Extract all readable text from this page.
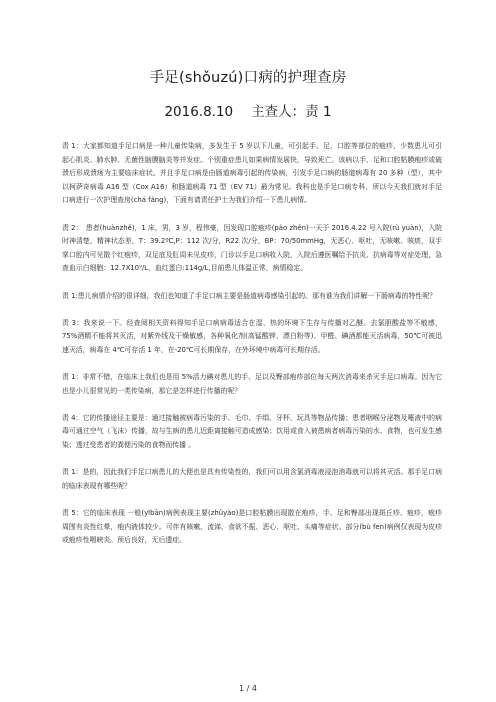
手足(shǒuzú)口病的护理查房
2016.8.10 主查人：责 1

责 1：大家都知道手足口病是一种儿童传染病，多发生于 5 岁以下儿童，可引起手、足、口腔等部位的疱疹，少数患儿可引起心肌炎、肺水肿、无菌性脑膜脑炎等并发症。个别重症患儿如果病情发展快，导致死亡。该病以手、足和口腔粘膜疱疹或破溃后形成溃疡为主要临床症状。并且手足口病是由肠道病毒引起的传染病，引发手足口病的肠道病毒有 20 多种（型），其中以柯萨奇病毒 A16 型（Cox A16）和肠道病毒 71 型（EV 71）最为常见。我科也是手足口病专科，所以今天我们就对手足口病进行一次护理查房(chá fáng)，下面有请责任护士为我们介绍一下患儿病情。

责 2：　患者(huànzhě)，1 床，男，3 岁，程伟豪，因发现口腔疱疹(pào zhěn)一天于 2016.4.22 号入院(rù yuàn)，入院时神清楚，精神状态差，T：39.2ºC,P：112 次/分，R22 次/分，BP：70/50mmHg，无恶心、呕吐，无咳嗽、咳痰，双手掌口腔内可见散个红疱疹，双足底及肛周未见皮疹，门诊以手足口病收入院，入院后遵医嘱给予抗炎、抗病毒等对症处理，急查血示白细胞：12.7X10⁹/L，血红蛋白:114g/L,目前患儿体温正常，病情稳定。

责 1:患儿病情介绍的很详细，我们也知道了手足口病主要是肠道病毒感染引起的。那有谁为我们讲解一下肠病毒的特性呢？

责 3：我来说一下。经查阅相关资料得知手足口病病毒适合在湿、热的环境下生存与传播对乙醚、去氯胆酸盐等不敏感，75%酒精不能将其灭活，对紫外线及干燥敏感，各种氧化剂(高锰酸钾、漂白粉等)、甲醛、碘酒都能灭活病毒，50℃可被迅速灭活，病毒在 4℃可存活 1 年，在-20℃可长期保存，在外环境中病毒可长期存活。

责 1：非常不错，在临床上我们也是用 5%活力碘对患儿的手、足以及臀部疱疹部位每天两次消毒来杀灭手足口病毒。因为它也是小儿很常见的一类传染病，那它是怎样进行传播的呢？

责 4：它的传播途径主要是：通过接触被病毒污染的手、毛巾、手绢、牙杯、玩具等物品传播；患者咽喉分泌物及唾液中的病毒可通过空气（飞沫）传播，故与生病的患儿近距离接触可造成感染；饮用或食入被患病者病毒污染的水、食物，也可发生感染；透过受患者的粪便污染的食物而传播 。

责 1：是的，因此我们手足口病患儿的大便也是具有传染性的，我们可以用含氯消毒液浸泡消毒就可以将其灭活。那手足口病的临床表现有哪些呢？

责 5：它的临床表现 一般(yībān)病例表现主要(zhǔyào)是口腔粘膜出现散在疱疹，手、足和臀部出现斑丘疹、疱疹，疱疹周围有炎性红晕，疱内液体较少。可伴有咳嗽、流涕、食欲不振、恶心、呕吐、头痛等症状。部分(bù fen)病例仅表现为皮疹或疱疹性咽峡炎。预后良好，无后遗症。

1 / 4
